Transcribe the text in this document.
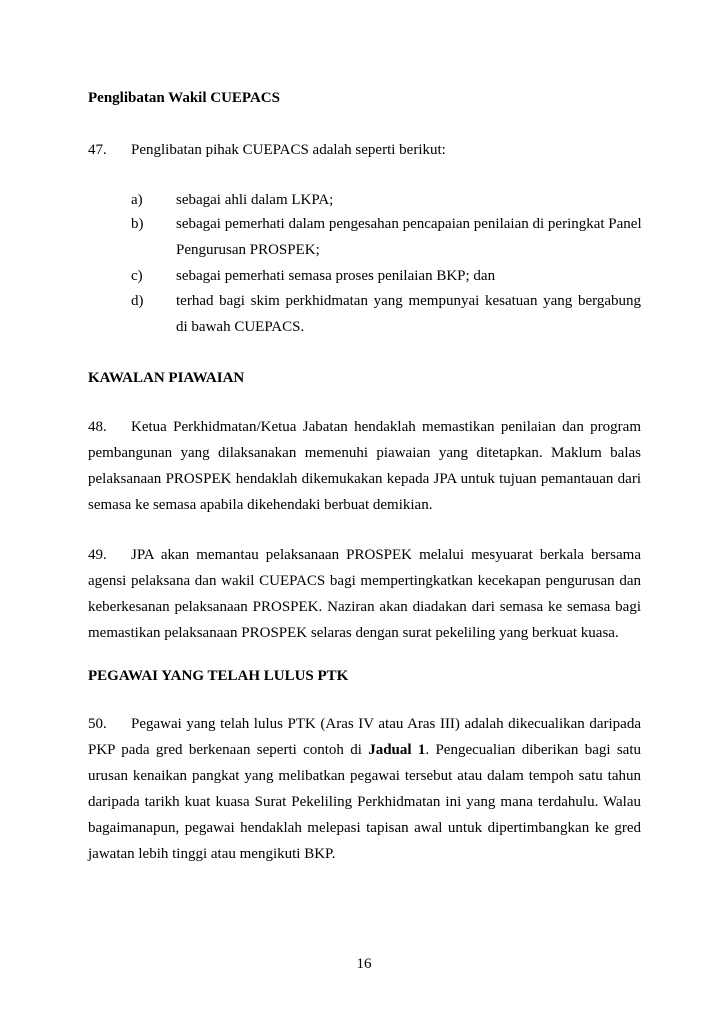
Penglibatan Wakil CUEPACS
47. Penglibatan pihak CUEPACS adalah seperti berikut:
a) sebagai ahli dalam LKPA;
b) sebagai pemerhati dalam pengesahan pencapaian penilaian di peringkat Panel
Pengurusan PROSPEK;
c) sebagai pemerhati semasa proses penilaian BKP; dan
d) terhad bagi skim perkhidmatan yang mempunyai kesatuan yang bergabung
di bawah CUEPACS.
KAWALAN PIAWAIAN
48. Ketua Perkhidmatan/Ketua Jabatan hendaklah memastikan penilaian dan program
pembangunan yang dilaksanakan memenuhi piawaian yang ditetapkan. Maklum balas
pelaksanaan PROSPEK hendaklah dikemukakan kepada JPA untuk tujuan pemantauan dari
semasa ke semasa apabila dikehendaki berbuat demikian.
49. JPA akan memantau pelaksanaan PROSPEK melalui mesyuarat berkala bersama
agensi pelaksana dan wakil CUEPACS bagi mempertingkatkan kecekapan pengurusan dan
keberkesanan pelaksanaan PROSPEK. Naziran akan diadakan dari semasa ke semasa bagi
memastikan pelaksanaan PROSPEK selaras dengan surat pekeliling yang berkuat kuasa.
PEGAWAI YANG TELAH LULUS PTK
50. Pegawai yang telah lulus PTK (Aras IV atau Aras III) adalah dikecualikan daripada
PKP pada gred berkenaan seperti contoh di Jadual 1. Pengecualian diberikan bagi satu
urusan kenaikan pangkat yang melibatkan pegawai tersebut atau dalam tempoh satu tahun
daripada tarikh kuat kuasa Surat Pekeliling Perkhidmatan ini yang mana terdahulu. Walau
bagaimanapun, pegawai hendaklah melepasi tapisan awal untuk dipertimbangkan ke gred
jawatan lebih tinggi atau mengikuti BKP.
16
